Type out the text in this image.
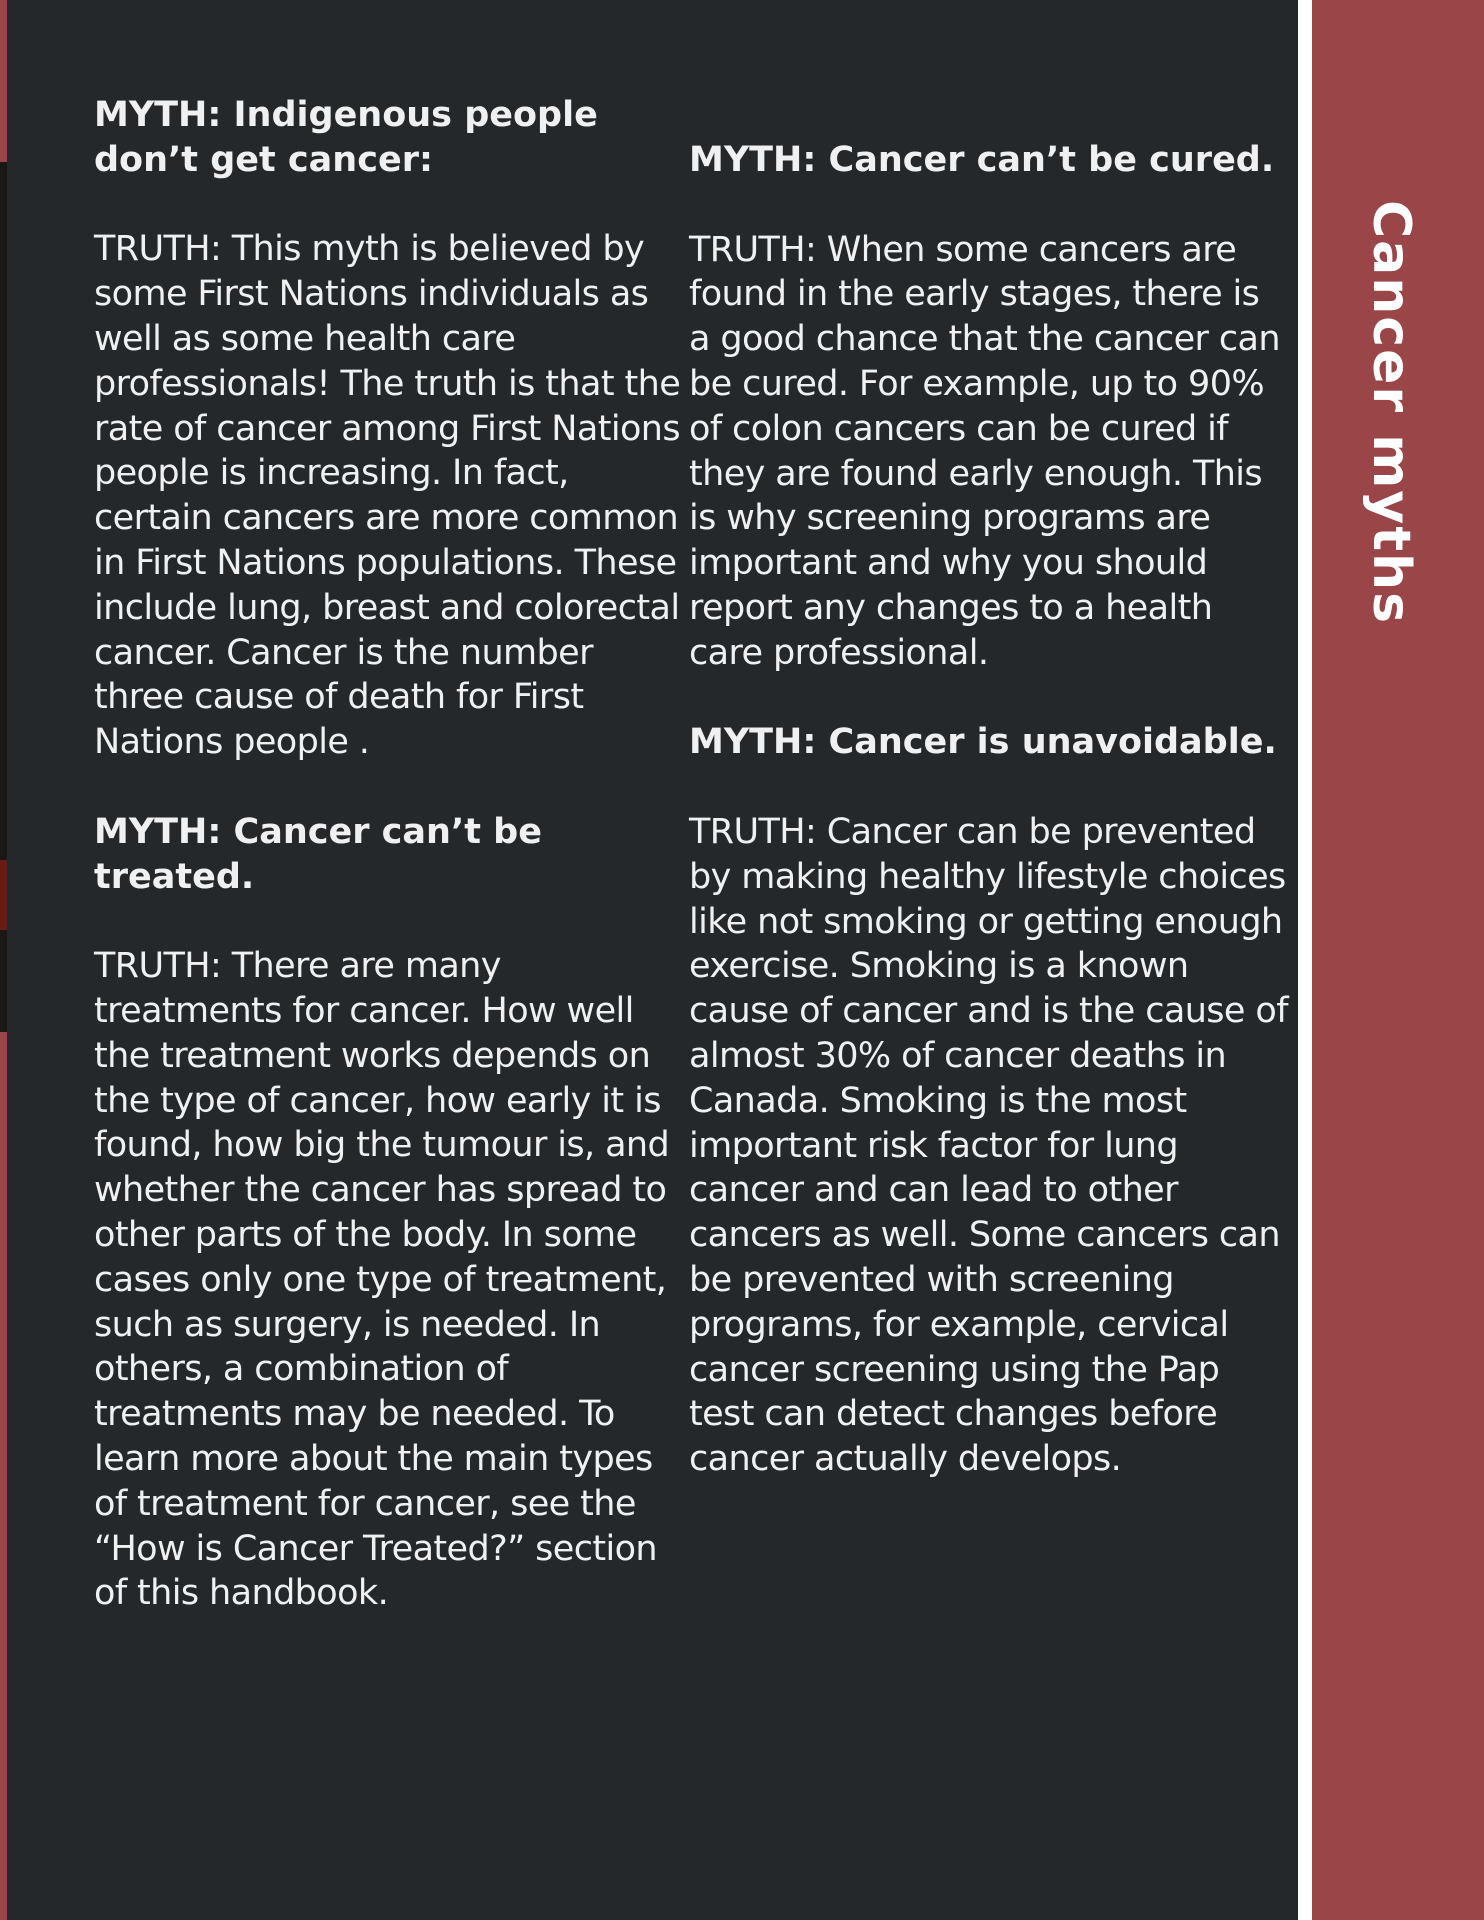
Cancer myths

MYTH: Indigenous people don’t get cancer:

TRUTH: This myth is believed by some First Nations individuals as well as some health care professionals! The truth is that the rate of cancer among First Nations people is increasing. In fact, certain cancers are more common in First Nations populations. These include lung, breast and colorectal cancer. Cancer is the number three cause of death for First Nations people .

MYTH: Cancer can’t be treated.

TRUTH: There are many treatments for cancer. How well the treatment works depends on the type of cancer, how early it is found, how big the tumour is, and whether the cancer has spread to other parts of the body. In some cases only one type of treatment, such as surgery, is needed. In others, a combination of treatments may be needed. To learn more about the main types of treatment for cancer, see the “How is Cancer Treated?” section of this handbook.

MYTH: Cancer can’t be cured.

TRUTH: When some cancers are found in the early stages, there is a good chance that the cancer can be cured. For example, up to 90% of colon cancers can be cured if they are found early enough. This is why screening programs are important and why you should report any changes to a health care professional.

MYTH: Cancer is unavoidable.

TRUTH: Cancer can be prevented by making healthy lifestyle choices like not smoking or getting enough exercise. Smoking is a known cause of cancer and is the cause of almost 30% of cancer deaths in Canada. Smoking is the most important risk factor for lung cancer and can lead to other cancers as well. Some cancers can be prevented with screening programs, for example, cervical cancer screening using the Pap test can detect changes before cancer actually develops.
